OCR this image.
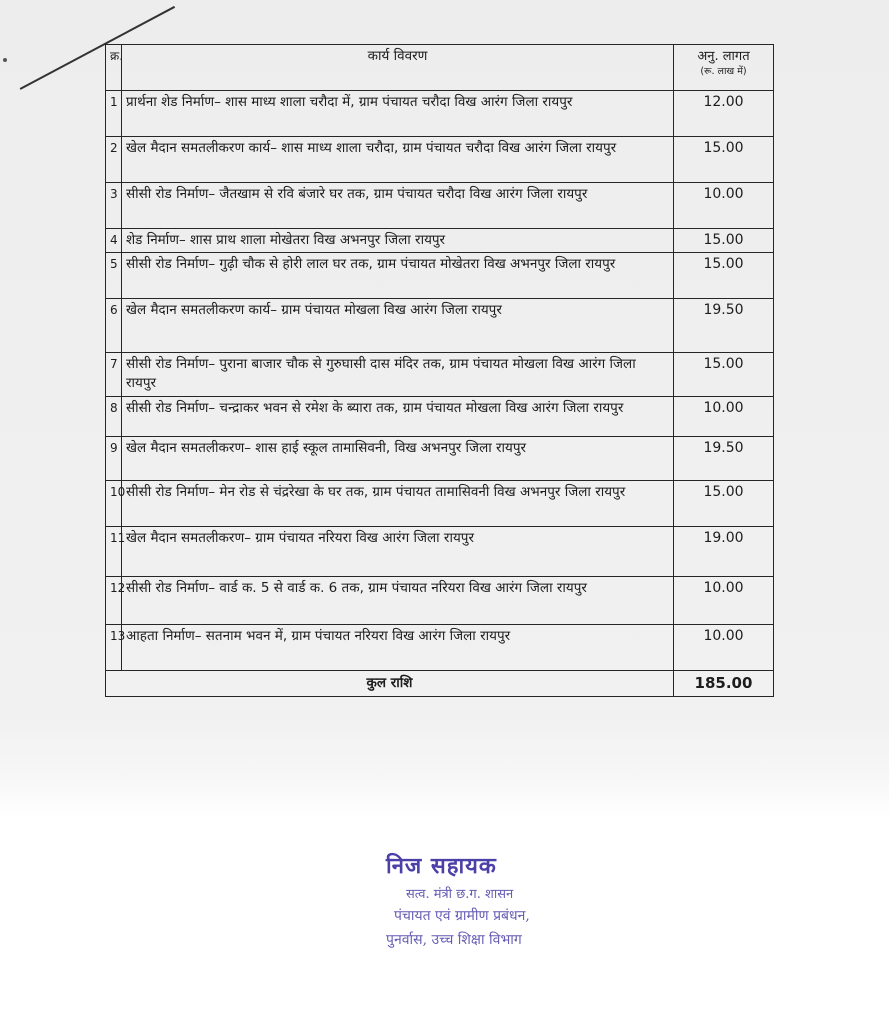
क्र.	कार्य विवरण	अनु. लागत
(रू. लाख में)

1	प्रार्थना शेड निर्माण– शास माध्य शाला चरौदा में, ग्राम पंचायत चरौदा विख आरंग जिला रायपुर	12.00
2	खेल मैदान समतलीकरण कार्य– शास माध्य शाला चरौदा, ग्राम पंचायत चरौदा विख आरंग जिला रायपुर	15.00
3	सीसी रोड निर्माण– जैतखाम से रवि बंजारे घर तक, ग्राम पंचायत चरौदा विख आरंग जिला रायपुर	10.00
4	शेड निर्माण– शास प्राथ शाला मोखेतरा विख अभनपुर जिला रायपुर	15.00
5	सीसी रोड निर्माण– गुढ़ी चौक से होरी लाल घर तक, ग्राम पंचायत मोखेतरा विख अभनपुर जिला रायपुर	15.00
6	खेल मैदान समतलीकरण कार्य– ग्राम पंचायत मोखला विख आरंग जिला रायपुर	19.50
7	सीसी रोड निर्माण– पुराना बाजार चौक से गुरुघासी दास मंदिर तक, ग्राम पंचायत मोखला विख आरंग जिला रायपुर	15.00
8	सीसी रोड निर्माण– चन्द्राकर भवन से रमेश के ब्यारा तक, ग्राम पंचायत मोखला विख आरंग जिला रायपुर	10.00
9	खेल मैदान समतलीकरण– शास हाई स्कूल तामासिवनी, विख अभनपुर जिला रायपुर	19.50
10	सीसी रोड निर्माण– मेन रोड से चंद्ररेखा के घर तक, ग्राम पंचायत तामासिवनी विख अभनपुर जिला रायपुर	15.00
11	खेल मैदान समतलीकरण– ग्राम पंचायत नरियरा विख आरंग जिला रायपुर	19.00
12	सीसी रोड निर्माण– वार्ड क. 5 से वार्ड क. 6 तक, ग्राम पंचायत नरियरा विख आरंग जिला रायपुर	10.00
13	आहता निर्माण– सतनाम भवन में, ग्राम पंचायत नरियरा विख आरंग जिला रायपुर	10.00
कुल राशि		185.00
निज सहायक
सत्व. मंत्री छ.ग. शासन
पंचायत एवं ग्रामीण प्रबंधन,
पुनर्वास, उच्च शिक्षा विभाग
